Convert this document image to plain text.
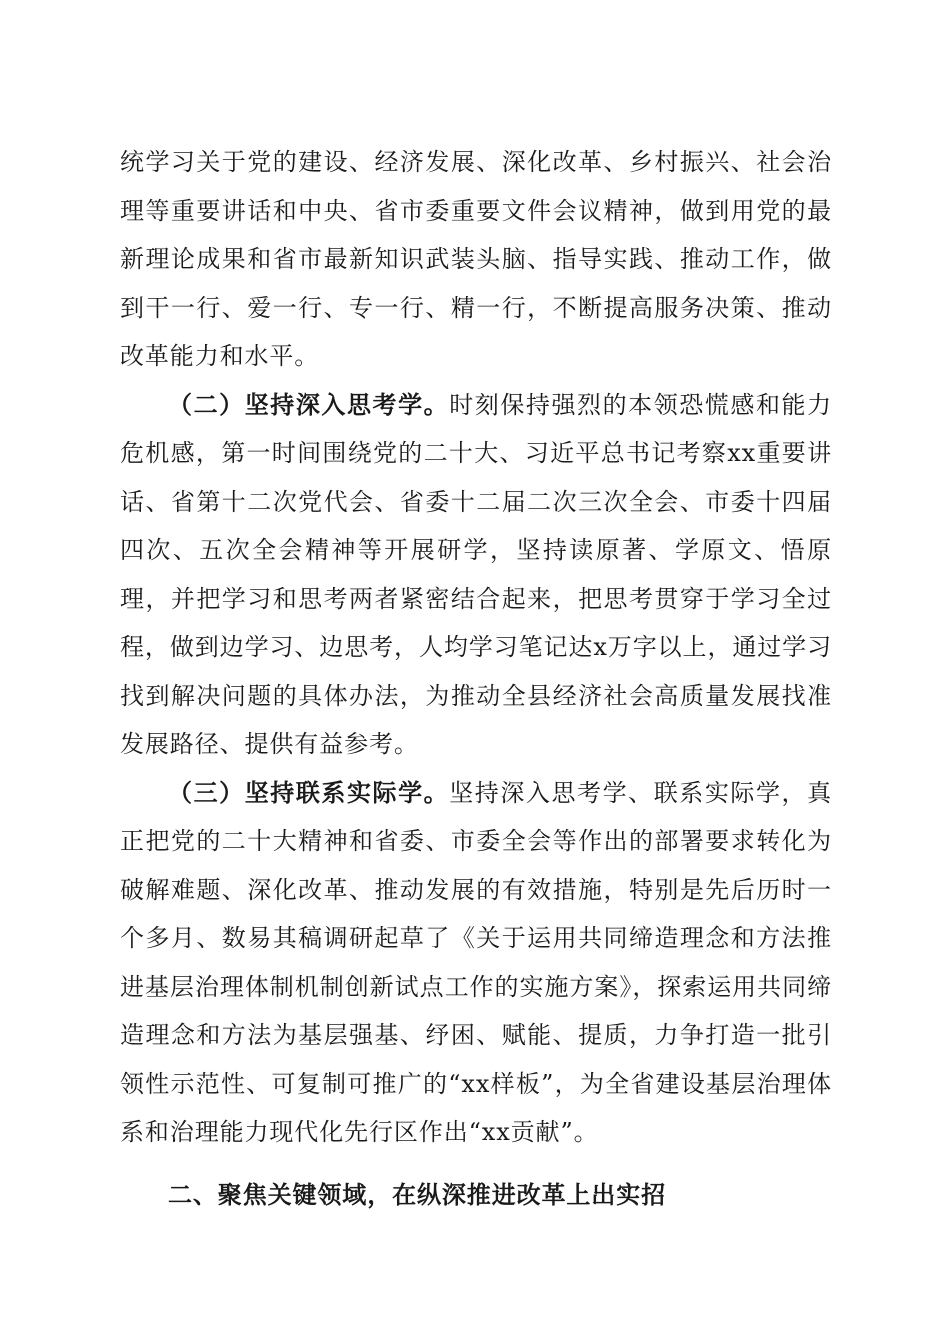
统学习关于党的建设、经济发展、深化改革、乡村振兴、社会治理等重要讲话和中央、省市委重要文件会议精神，做到用党的最新理论成果和省市最新知识武装头脑、指导实践、推动工作，做到干一行、爱一行、专一行、精一行，不断提高服务决策、推动改革能力和水平。

（二）坚持深入思考学。时刻保持强烈的本领恐慌感和能力危机感，第一时间围绕党的二十大、习近平总书记考察xx重要讲话、省第十二次党代会、省委十二届二次三次全会、市委十四届四次、五次全会精神等开展研学，坚持读原著、学原文、悟原理，并把学习和思考两者紧密结合起来，把思考贯穿于学习全过程，做到边学习、边思考，人均学习笔记达x万字以上，通过学习找到解决问题的具体办法，为推动全县经济社会高质量发展找准发展路径、提供有益参考。

（三）坚持联系实际学。坚持深入思考学、联系实际学，真正把党的二十大精神和省委、市委全会等作出的部署要求转化为破解难题、深化改革、推动发展的有效措施，特别是先后历时一个多月、数易其稿调研起草了《关于运用共同缔造理念和方法推进基层治理体制机制创新试点工作的实施方案》，探索运用共同缔造理念和方法为基层强基、纾困、赋能、提质，力争打造一批引领性示范性、可复制可推广的“xx样板”，为全省建设基层治理体系和治理能力现代化先行区作出“xx贡献”。

二、聚焦关键领域，在纵深推进改革上出实招
